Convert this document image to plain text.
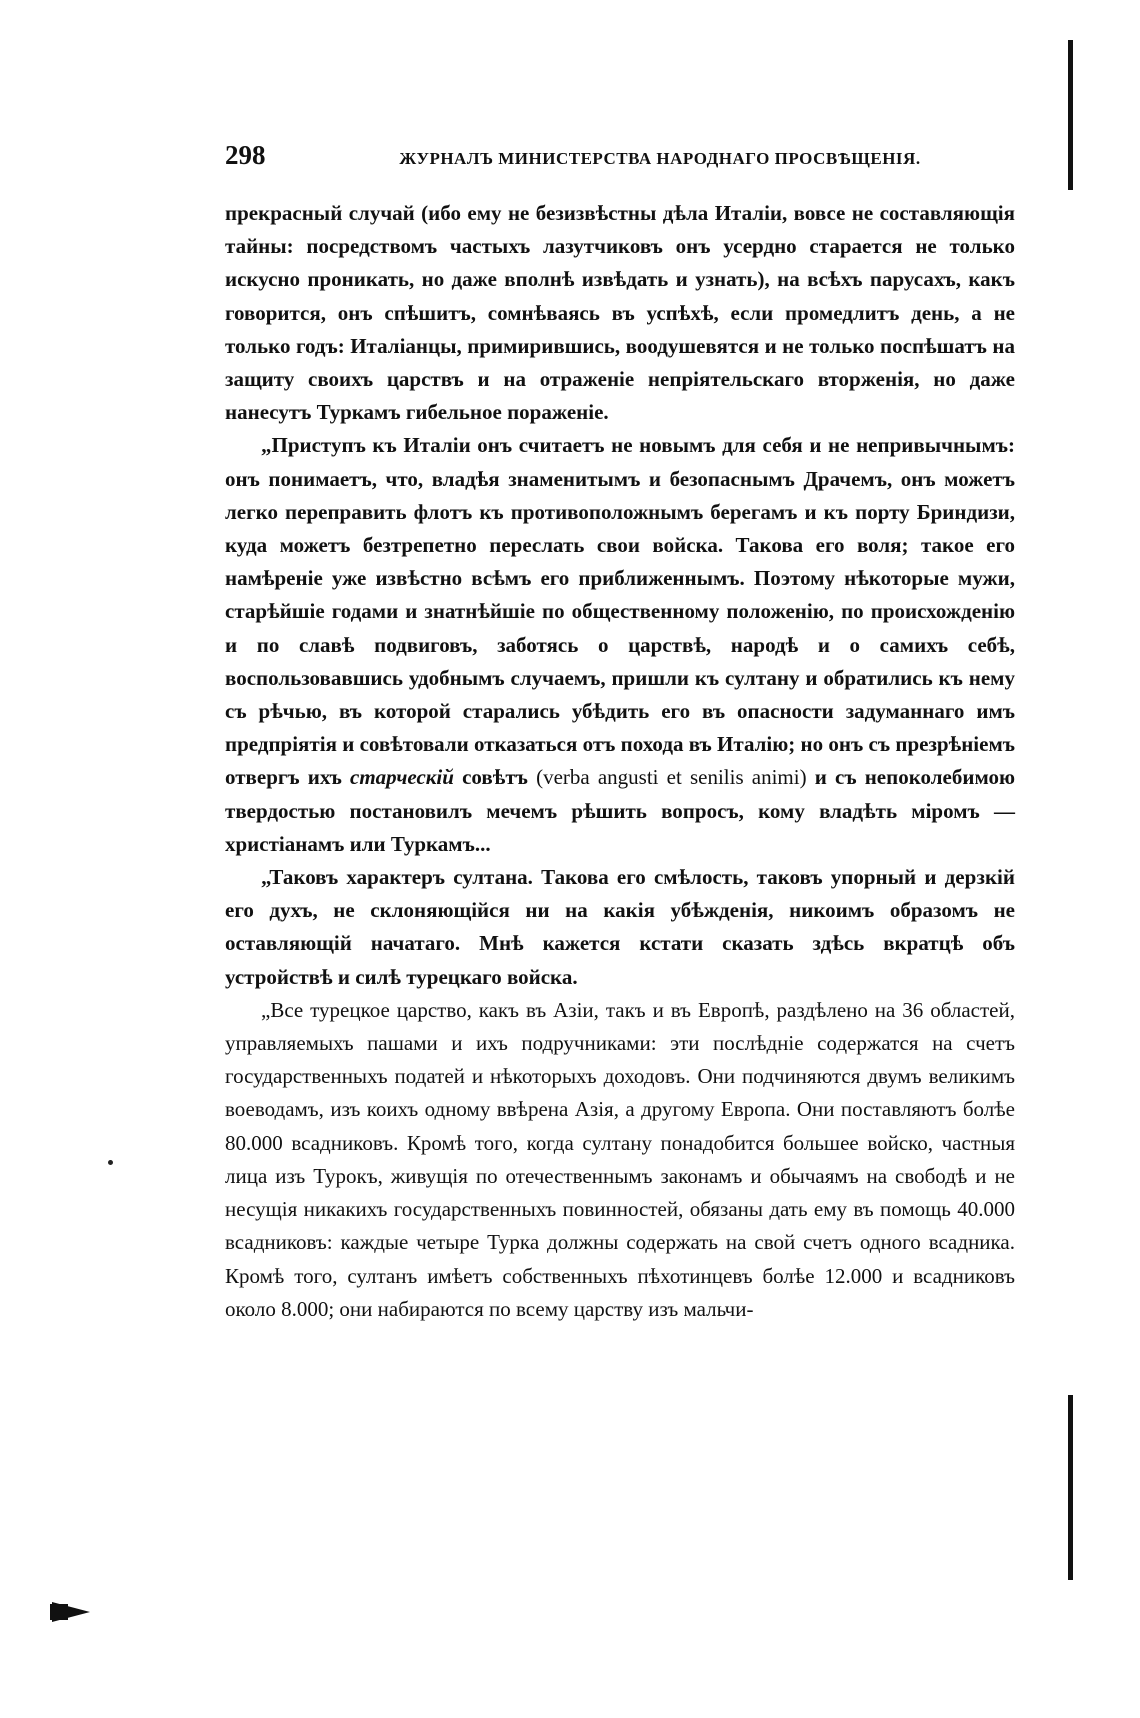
298	ЖУРНАЛЪ МИНИСТЕРСТВА НАРОДНАГО ПРОСВѢЩЕНІЯ.

прекрасный случай (ибо ему не безизвѣстны дѣла Италіи, вовсе не составляющія тайны: посредствомъ частыхъ лазутчиковъ онъ усердно старается не только искусно проникать, но даже вполнѣ извѣдать и узнать), на всѣхъ парусахъ, какъ говорится, онъ спѣшитъ, сомнѣваясь въ успѣхѣ, если промедлитъ день, а не только годъ: Италіанцы, примирившись, воодушевятся и не только поспѣшатъ на защиту своихъ царствъ и на отраженіе непріятельскаго вторженія, но даже нанесутъ Туркамъ гибельное пораженіе.

„Приступъ къ Италіи онъ считаетъ не новымъ для себя и не непривычнымъ: онъ понимаетъ, что, владѣя знаменитымъ и безопаснымъ Драчемъ, онъ можетъ легко переправить флотъ къ противоположнымъ берегамъ и къ порту Бриндизи, куда можетъ безтрепетно переслать свои войска. Такова его воля; такое его намѣреніе уже извѣстно всѣмъ его приближеннымъ. Поэтому нѣкоторые мужи, старѣйшіе годами и знатнѣйшіе по общественному положенію, по происхожденію и по славѣ подвиговъ, заботясь о царствѣ, народѣ и о самихъ себѣ, воспользовавшись удобнымъ случаемъ, пришли къ султану и обратились къ нему съ рѣчью, въ которой старались убѣдить его въ опасности задуманнаго имъ предпріятія и совѣтовали отказаться отъ похода въ Италію; но онъ съ презрѣніемъ отвергъ ихъ старческій совѣтъ (verba angusti et senilis animi) и съ непоколебимою твердостью постановилъ мечемъ рѣшить вопросъ, кому владѣть міромъ — христіанамъ или Туркамъ...

„Таковъ характеръ султана. Такова его смѣлость, таковъ упорный и дерзкій его духъ, не склоняющійся ни на какія убѣжденія, никоимъ образомъ не оставляющій начатаго. Мнѣ кажется кстати сказать здѣсь вкратцѣ объ устройствѣ и силѣ турецкаго войска.

„Все турецкое царство, какъ въ Азіи, такъ и въ Европѣ, раздѣлено на 36 областей, управляемыхъ пашами и ихъ подручниками: эти послѣдніе содержатся на счетъ государственныхъ податей и нѣкоторыхъ доходовъ. Они подчиняются двумъ великимъ воеводамъ, изъ коихъ одному ввѣрена Азія, а другому Европа. Они поставляютъ болѣе 80.000 всадниковъ. Кромѣ того, когда султану понадобится большее войско, частныя лица изъ Турокъ, живущія по отечественнымъ законамъ и обычаямъ на свободѣ и не несущія никакихъ государственныхъ повинностей, обязаны дать ему въ помощь 40.000 всадниковъ: каждые четыре Турка должны содержать на свой счетъ одного всадника. Кромѣ того, султанъ имѣетъ собственныхъ пѣхотинцевъ болѣе 12.000 и всадниковъ около 8.000; они набираются по всему царству изъ мальчи-
